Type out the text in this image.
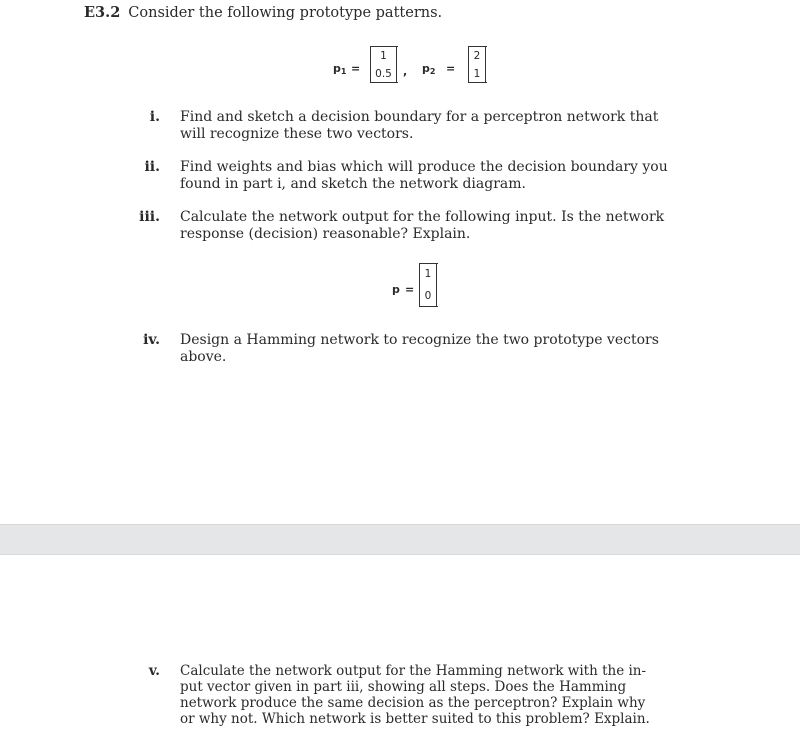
E3.2 Consider the following prototype patterns.
$p_1$ =
1
0.5	, $p_2$ =
2
1
i. Find and sketch a decision boundary for a perceptron network that
will recognize these two vectors.
ii. Find weights and bias which will produce the decision boundary you
found in part i, and sketch the network diagram.
iii. Calculate the network output for the following input. Is the network
response (decision) reasonable? Explain.
p =
1
0
iv. Design a Hamming network to recognize the two prototype vectors
above.
v. Calculate the network output for the Hamming network with the in-
put vector given in part iii, showing all steps. Does the Hamming
network produce the same decision as the perceptron? Explain why
or why not. Which network is better suited to this problem? Explain.
